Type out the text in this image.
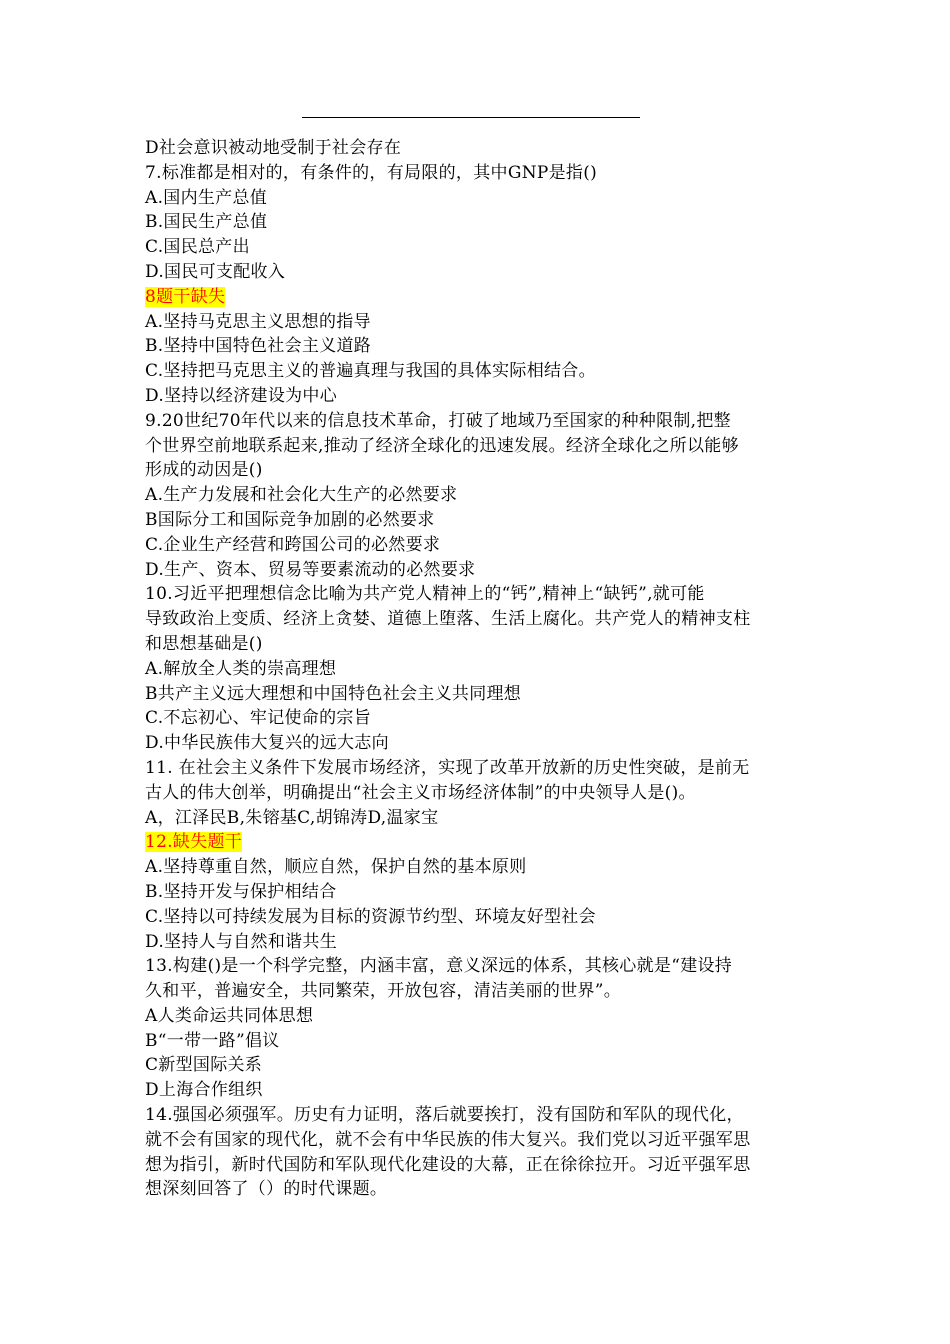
D社会意识被动地受制于社会存在
7.标准都是相对的，有条件的，有局限的，其中GNP是指()
A.国内生产总值
B.国民生产总值
C.国民总产出
D.国民可支配收入
8题干缺失
A.坚持马克思主义思想的指导
B.坚持中国特色社会主义道路
C.坚持把马克思主义的普遍真理与我国的具体实际相结合。
D.坚持以经济建设为中心
9.20世纪70年代以来的信息技术革命，打破了地域乃至国家的种种限制,把整
个世界空前地联系起来,推动了经济全球化的迅速发展。经济全球化之所以能够
形成的动因是()
A.生产力发展和社会化大生产的必然要求
B国际分工和国际竞争加剧的必然要求
C.企业生产经营和跨国公司的必然要求
D.生产、资本、贸易等要素流动的必然要求
10.习近平把理想信念比喻为共产党人精神上的“钙”,精神上“缺钙”,就可能
导致政治上变质、经济上贪婪、道德上堕落、生活上腐化。共产党人的精神支柱
和思想基础是()
A.解放全人类的崇高理想
B共产主义远大理想和中国特色社会主义共同理想
C.不忘初心、牢记使命的宗旨
D.中华民族伟大复兴的远大志向
11. 在社会主义条件下发展市场经济，实现了改革开放新的历史性突破，是前无
古人的伟大创举，明确提出“社会主义市场经济体制”的中央领导人是()。
A，江泽民B,朱镕基C,胡锦涛D,温家宝
12.缺失题干
A.坚持尊重自然，顺应自然，保护自然的基本原则
B.坚持开发与保护相结合
C.坚持以可持续发展为目标的资源节约型、环境友好型社会
D.坚持人与自然和谐共生
13.构建()是一个科学完整，内涵丰富，意义深远的体系，其核心就是“建设持
久和平，普遍安全，共同繁荣，开放包容，清洁美丽的世界”。
A人类命运共同体思想
B“一带一路”倡议
C新型国际关系
D上海合作组织
14.强国必须强军。历史有力证明，落后就要挨打，没有国防和军队的现代化，
就不会有国家的现代化，就不会有中华民族的伟大复兴。我们党以习近平强军思
想为指引，新时代国防和军队现代化建设的大幕，正在徐徐拉开。习近平强军思
想深刻回答了（）的时代课题。
